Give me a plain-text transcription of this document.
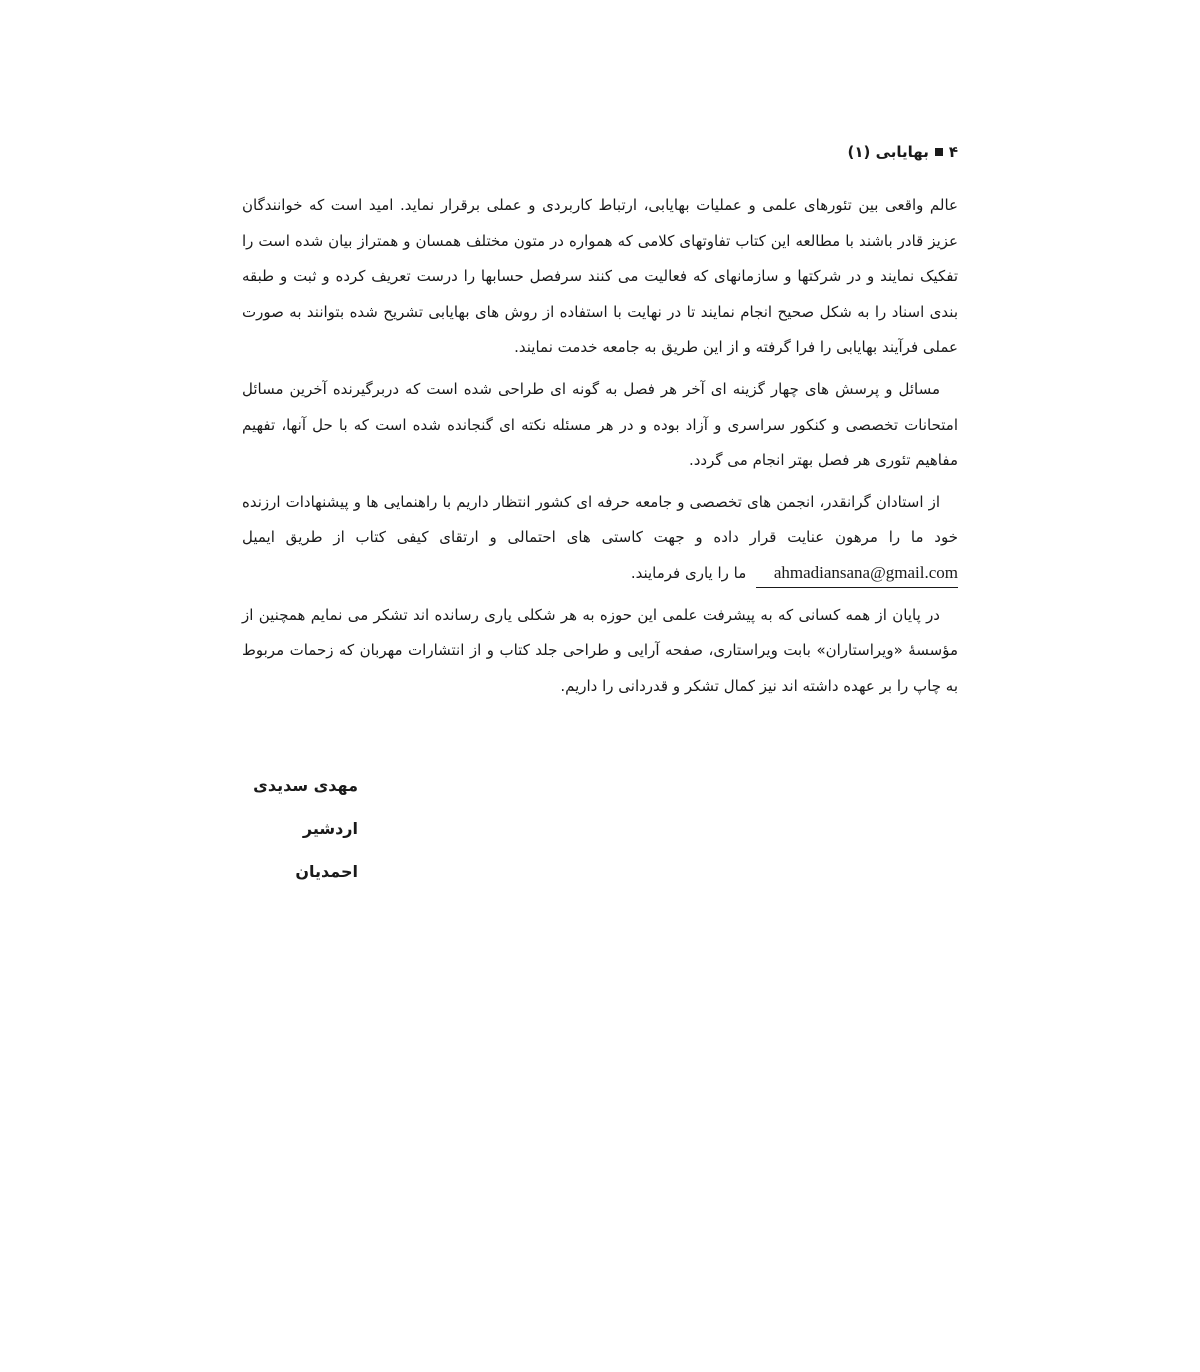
۴
بهایابی (۱)

عالم واقعی بین تئورهای علمی و عملیات بهایابی، ارتباط کاربردی و عملی برقرار نماید. امید است که خوانندگان عزیز قادر باشند با مطالعه این کتاب تفاوتهای کلامی که همواره در متون مختلف همسان و همتراز بیان شده است را تفکیک نمایند و در شرکتها و سازمانهای که فعالیت می کنند سرفصل حسابها را درست تعریف کرده و ثبت و طبقه بندی اسناد را به شکل صحیح انجام نمایند تا در نهایت با استفاده از روش های بهایابی تشریح شده بتوانند به صورت عملی فرآیند بهایابی را فرا گرفته و از این طریق به جامعه خدمت نمایند.

مسائل و پرسش های چهار گزینه ای آخر هر فصل به گونه ای طراحی شده است که دربرگیرنده آخرین مسائل امتحانات تخصصی و کنکور سراسری و آزاد بوده و در هر مسئله نکته ای گنجانده شده است که با حل آنها، تفهیم مفاهیم تئوری هر فصل بهتر انجام می گردد.

از استادان گرانقدر، انجمن های تخصصی و جامعه حرفه ای کشور انتظار داریم با راهنمایی ها و پیشنهادات ارزنده خود ما را مرهون عنایت قرار داده و جهت کاستی های احتمالی و ارتقای کیفی کتاب از طریق ایمیل ahmadiansana@gmail.com  ما را یاری فرمایند.

در پایان از همه کسانی که به پیشرفت علمی این حوزه به هر شکلی یاری رسانده اند تشکر می نمایم همچنین از مؤسسهٔ «ویراستاران» بابت ویراستاری، صفحه آرایی و طراحی جلد کتاب و از انتشارات مهربان که زحمات مربوط به چاپ را بر عهده داشته اند نیز کمال تشکر و قدردانی را داریم.

مهدی سدیدی
اردشیر احمدیان
